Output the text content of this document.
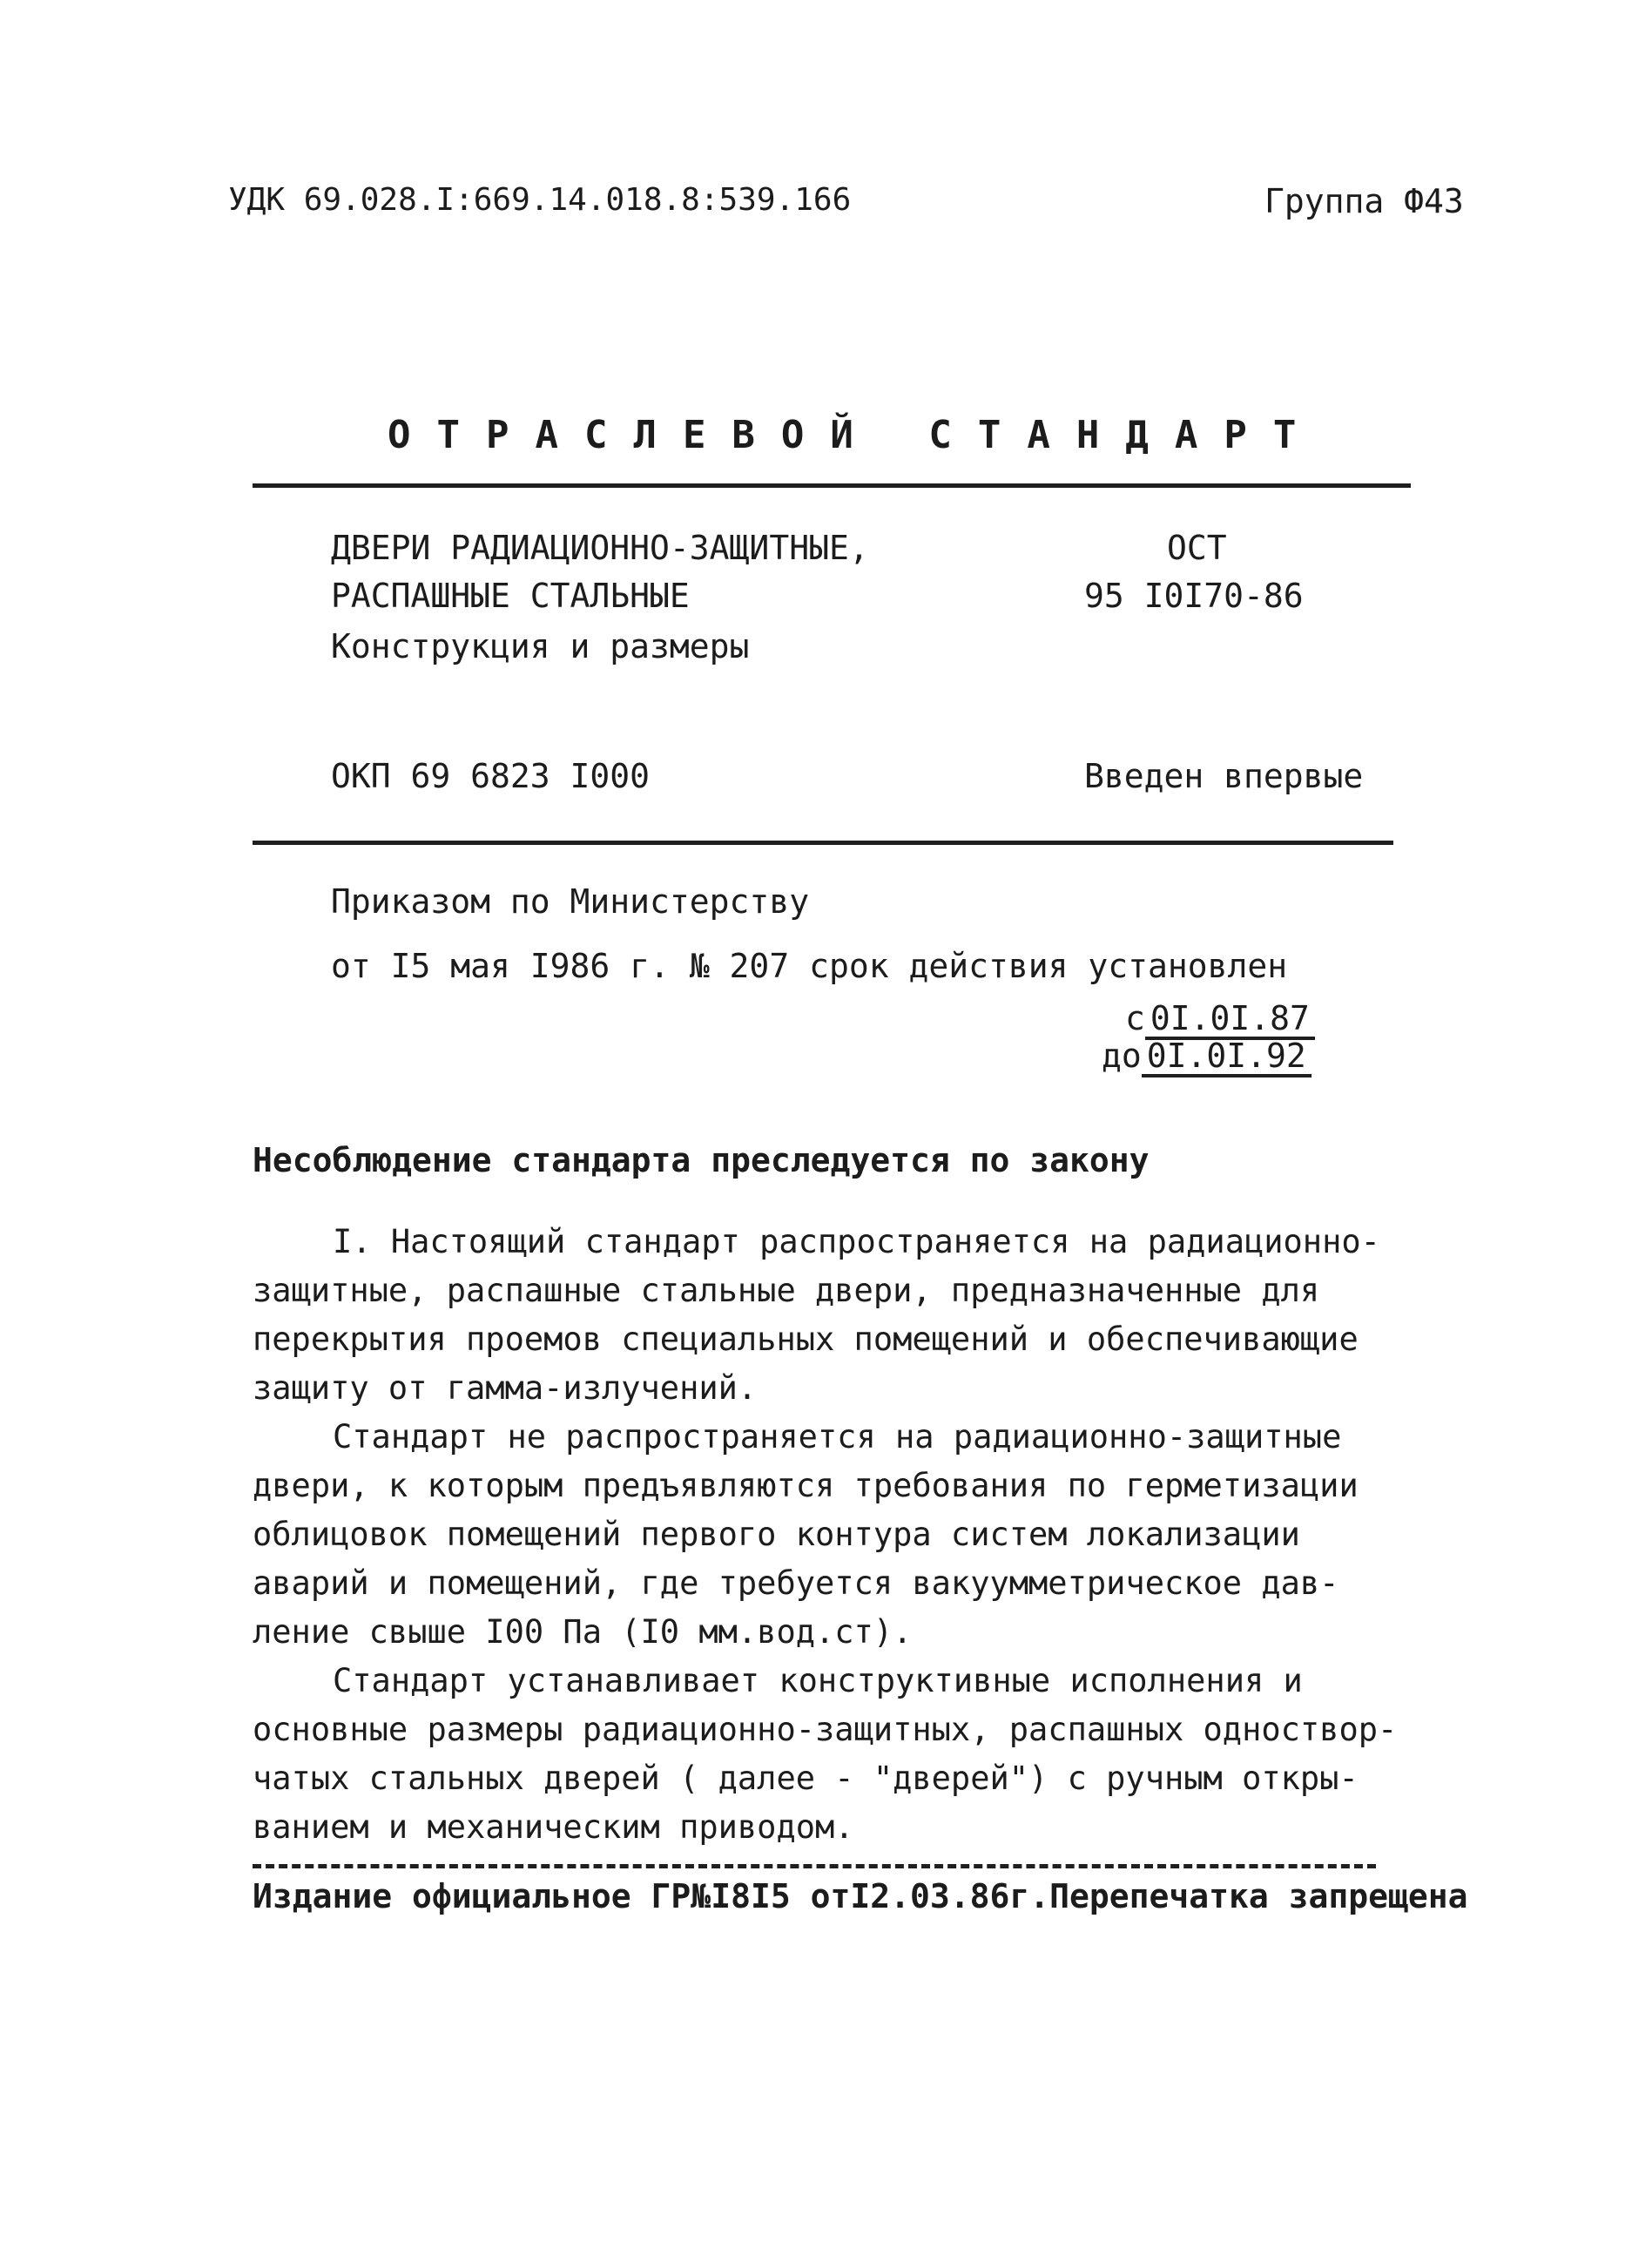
УДК 69.028.I:669.14.018.8:539.166	Группа Ф43
ОТРАСЛЕВОЙ СТАНДАРТ
ДВЕРИ РАДИАЦИОННО-ЗАЩИТНЫЕ,
РАСПАШНЫЕ СТАЛЬНЫЕ
Конструкция и размеры
ОСТ
95 I0I70-86
ОКП 69 6823 I000	Введен впервые
Приказом по Министерству
от I5 мая I986 г. № 207 срок действия установлен
с 0I.0I.87
до 0I.0I.92
Несоблюдение стандарта преследуется по закону
I. Настоящий стандарт распространяется на радиационно-
защитные, распашные стальные двери, предназначенные для
перекрытия проемов специальных помещений и обеспечивающие
защиту от гамма-излучений.
Стандарт не распространяется на радиационно-защитные
двери, к которым предъявляются требования по герметизации
облицовок помещений первого контура систем локализации
аварий и помещений, где требуется вакуумметрическое дав-
ление свыше I00 Па (I0 мм.вод.ст).
Стандарт устанавливает конструктивные исполнения и
основные размеры радиационно-защитных, распашных однoствор-
чатых стальных дверей ( далее - "дверей") с ручным откры-
ванием и механическим приводом.
Издание официальное ГР№I8I5 отI2.03.86г.Перепечатка запрещена
